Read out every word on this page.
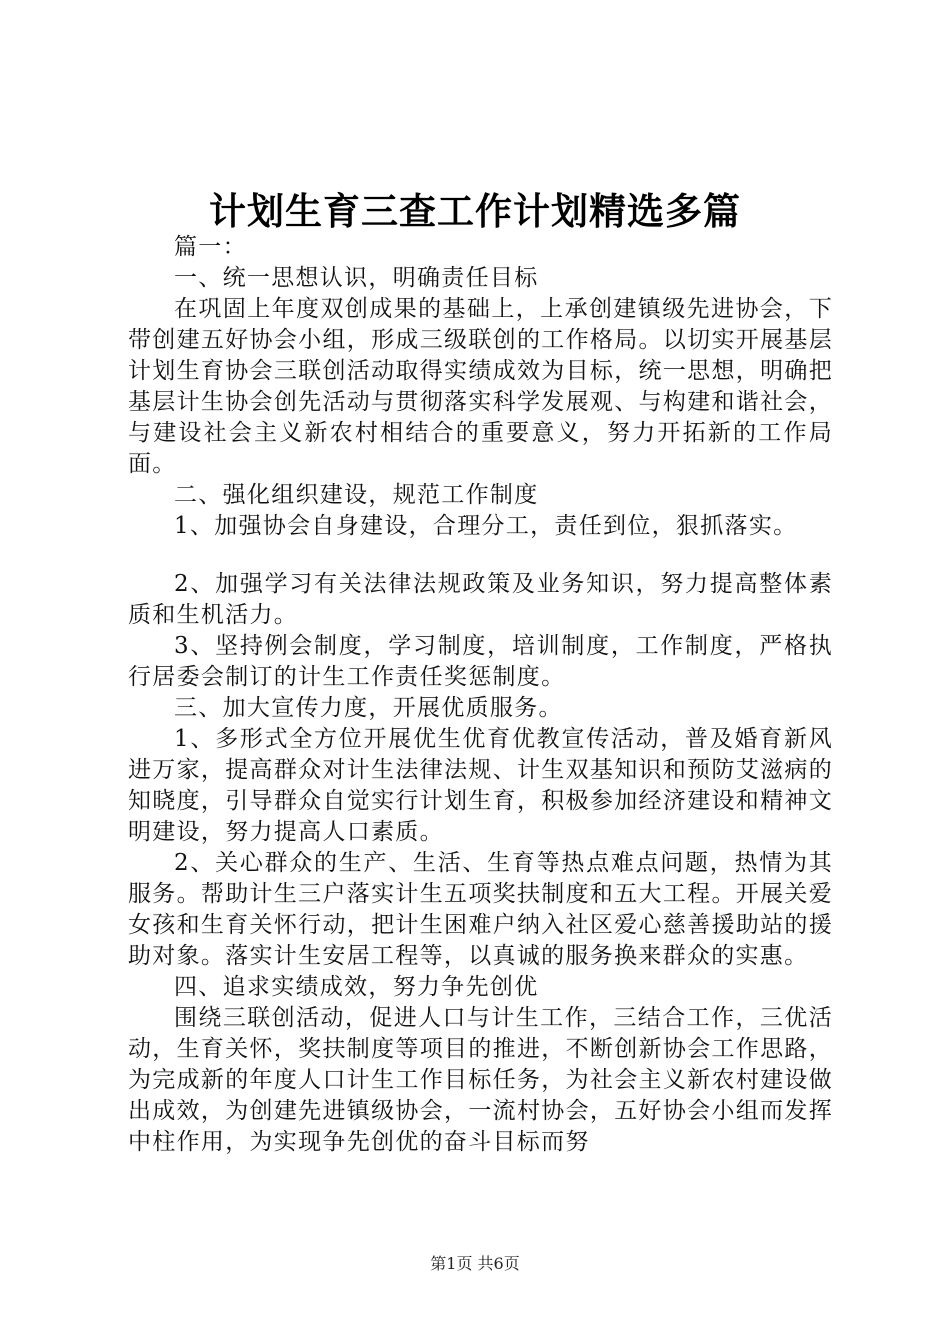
计划生育三查工作计划精选多篇

篇一：

一、统一思想认识，明确责任目标

在巩固上年度双创成果的基础上，上承创建镇级先进协会，下带创建五好协会小组，形成三级联创的工作格局。以切实开展基层计划生育协会三联创活动取得实绩成效为目标，统一思想，明确把基层计生协会创先活动与贯彻落实科学发展观、与构建和谐社会，与建设社会主义新农村相结合的重要意义，努力开拓新的工作局面。

二、强化组织建设，规范工作制度

1、加强协会自身建设，合理分工，责任到位，狠抓落实。

2、加强学习有关法律法规政策及业务知识，努力提高整体素质和生机活力。

3、坚持例会制度，学习制度，培训制度，工作制度，严格执行居委会制订的计生工作责任奖惩制度。

三、加大宣传力度，开展优质服务。

1、多形式全方位开展优生优育优教宣传活动，普及婚育新风进万家，提高群众对计生法律法规、计生双基知识和预防艾滋病的知晓度，引导群众自觉实行计划生育，积极参加经济建设和精神文明建设，努力提高人口素质。

2、关心群众的生产、生活、生育等热点难点问题，热情为其服务。帮助计生三户落实计生五项奖扶制度和五大工程。开展关爱女孩和生育关怀行动，把计生困难户纳入社区爱心慈善援助站的援助对象。落实计生安居工程等，以真诚的服务换来群众的实惠。

四、追求实绩成效，努力争先创优

围绕三联创活动，促进人口与计生工作，三结合工作，三优活动，生育关怀，奖扶制度等项目的推进，不断创新协会工作思路，为完成新的年度人口计生工作目标任务，为社会主义新农村建设做出成效，为创建先进镇级协会，一流村协会，五好协会小组而发挥中柱作用，为实现争先创优的奋斗目标而努

第1页 共6页
